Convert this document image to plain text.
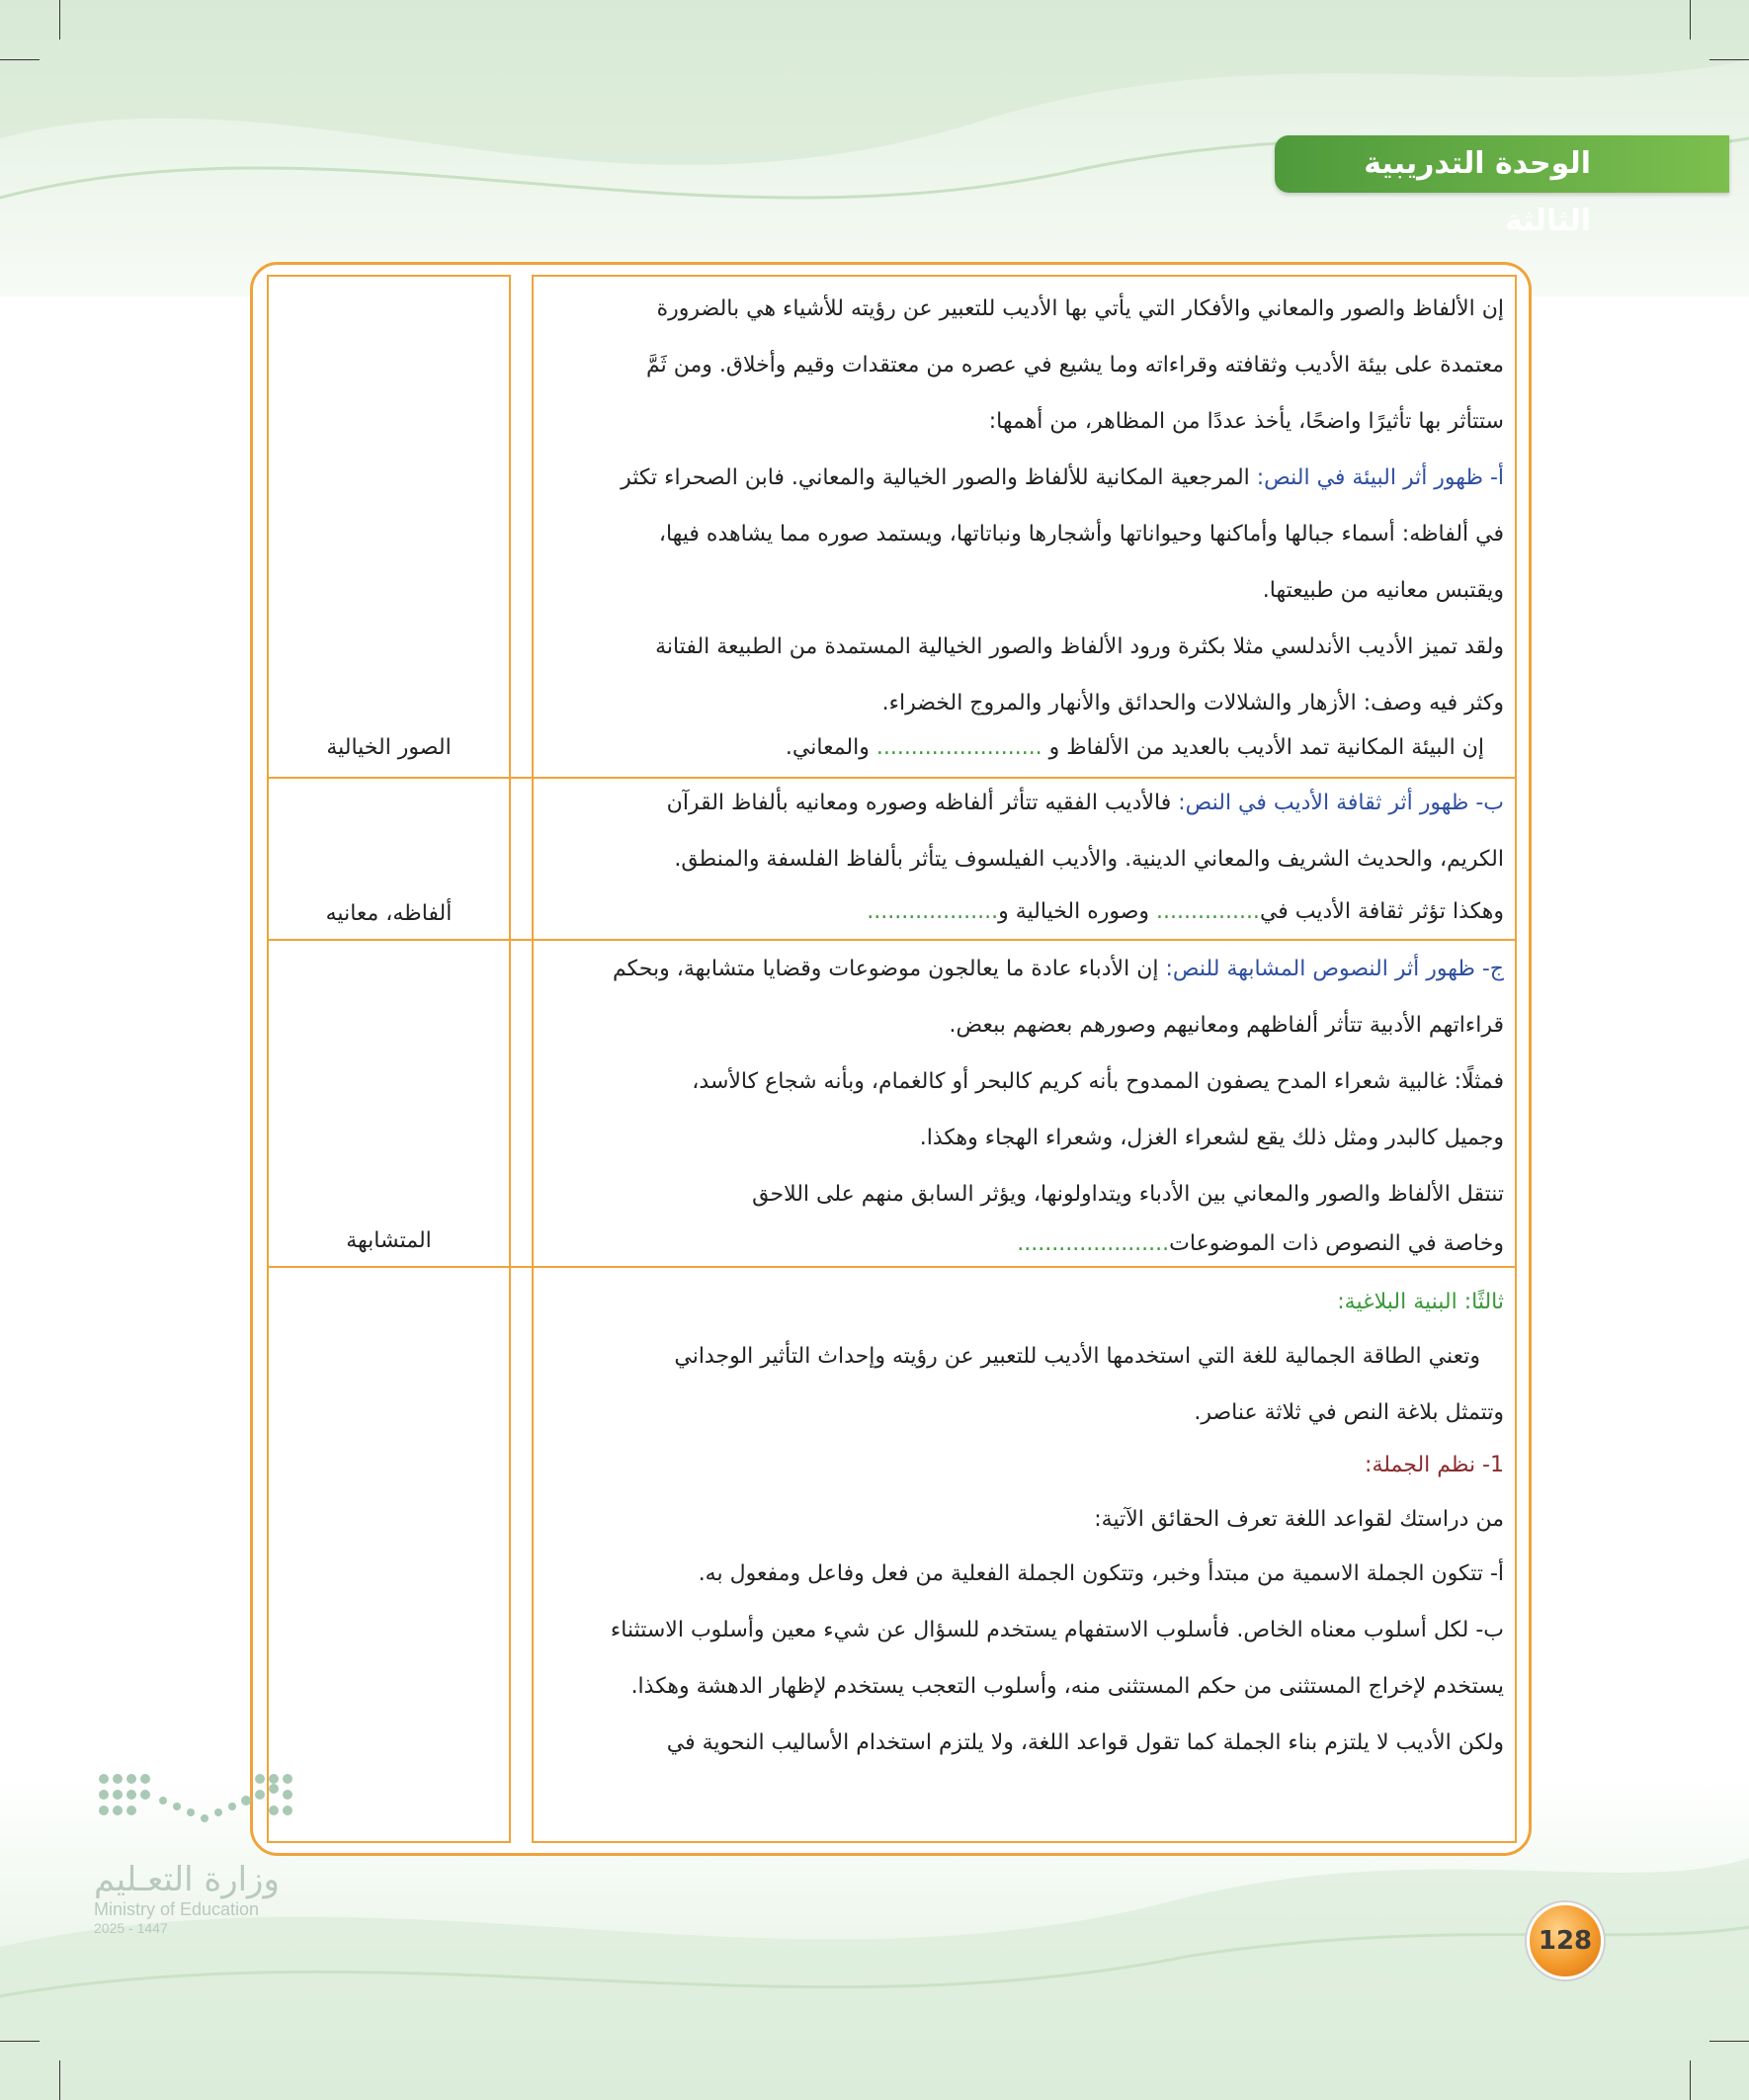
الوحدة التدريبية الثالثة
الصور الخيالية
ألفاظه، معانيه
المتشابهة
إن الألفاظ والصور والمعاني والأفكار التي يأتي بها الأديب للتعبير عن رؤيته للأشياء هي بالضرورة
معتمدة على بيئة الأديب وثقافته وقراءاته وما يشيع في عصره من معتقدات وقيم وأخلاق. ومن ثَمَّ
ستتأثر بها تأثيرًا واضحًا، يأخذ عددًا من المظاهر، من أهمها:
أ- ظهور أثر البيئة في النص: المرجعية المكانية للألفاظ والصور الخيالية والمعاني. فابن الصحراء تكثر
في ألفاظه: أسماء جبالها وأماكنها وحيواناتها وأشجارها ونباتاتها، ويستمد صوره مما يشاهده فيها،
ويقتبس معانيه من طبيعتها.
ولقد تميز الأديب الأندلسي مثلا بكثرة ورود الألفاظ والصور الخيالية المستمدة من الطبيعة الفتانة
وكثر فيه وصف: الأزهار والشلالات والحدائق والأنهار والمروج الخضراء.
إن البيئة المكانية تمد الأديب بالعديد من الألفاظ و ........................ والمعاني.
ب- ظهور أثر ثقافة الأديب في النص: فالأديب الفقيه تتأثر ألفاظه وصوره ومعانيه بألفاظ القرآن
الكريم، والحديث الشريف والمعاني الدينية. والأديب الفيلسوف يتأثر بألفاظ الفلسفة والمنطق.
وهكذا تؤثر ثقافة الأديب في............... وصوره الخيالية و...................
ج- ظهور أثر النصوص المشابهة للنص: إن الأدباء عادة ما يعالجون موضوعات وقضايا متشابهة، وبحكم
قراءاتهم الأدبية تتأثر ألفاظهم ومعانيهم وصورهم بعضهم ببعض.
فمثلًا: غالبية شعراء المدح يصفون الممدوح بأنه كريم كالبحر أو كالغمام، وبأنه شجاع كالأسد،
وجميل كالبدر ومثل ذلك يقع لشعراء الغزل، وشعراء الهجاء وهكذا.
تنتقل الألفاظ والصور والمعاني بين الأدباء ويتداولونها، ويؤثر السابق منهم على اللاحق
وخاصة في النصوص ذات الموضوعات......................
ثالثًا: البنية البلاغية:
وتعني الطاقة الجمالية للغة التي استخدمها الأديب للتعبير عن رؤيته وإحداث التأثير الوجداني
وتتمثل بلاغة النص في ثلاثة عناصر.
1- نظم الجملة:
من دراستك لقواعد اللغة تعرف الحقائق الآتية:
أ- تتكون الجملة الاسمية من مبتدأ وخبر، وتتكون الجملة الفعلية من فعل وفاعل ومفعول به.
ب- لكل أسلوب معناه الخاص. فأسلوب الاستفهام يستخدم للسؤال عن شيء معين وأسلوب الاستثناء
يستخدم لإخراج المستثنى من حكم المستثنى منه، وأسلوب التعجب يستخدم لإظهار الدهشة وهكذا.
ولكن الأديب لا يلتزم بناء الجملة كما تقول قواعد اللغة، ولا يلتزم استخدام الأساليب النحوية في
128
وزارة التعـليم
Ministry of Education
2025 - 1447
